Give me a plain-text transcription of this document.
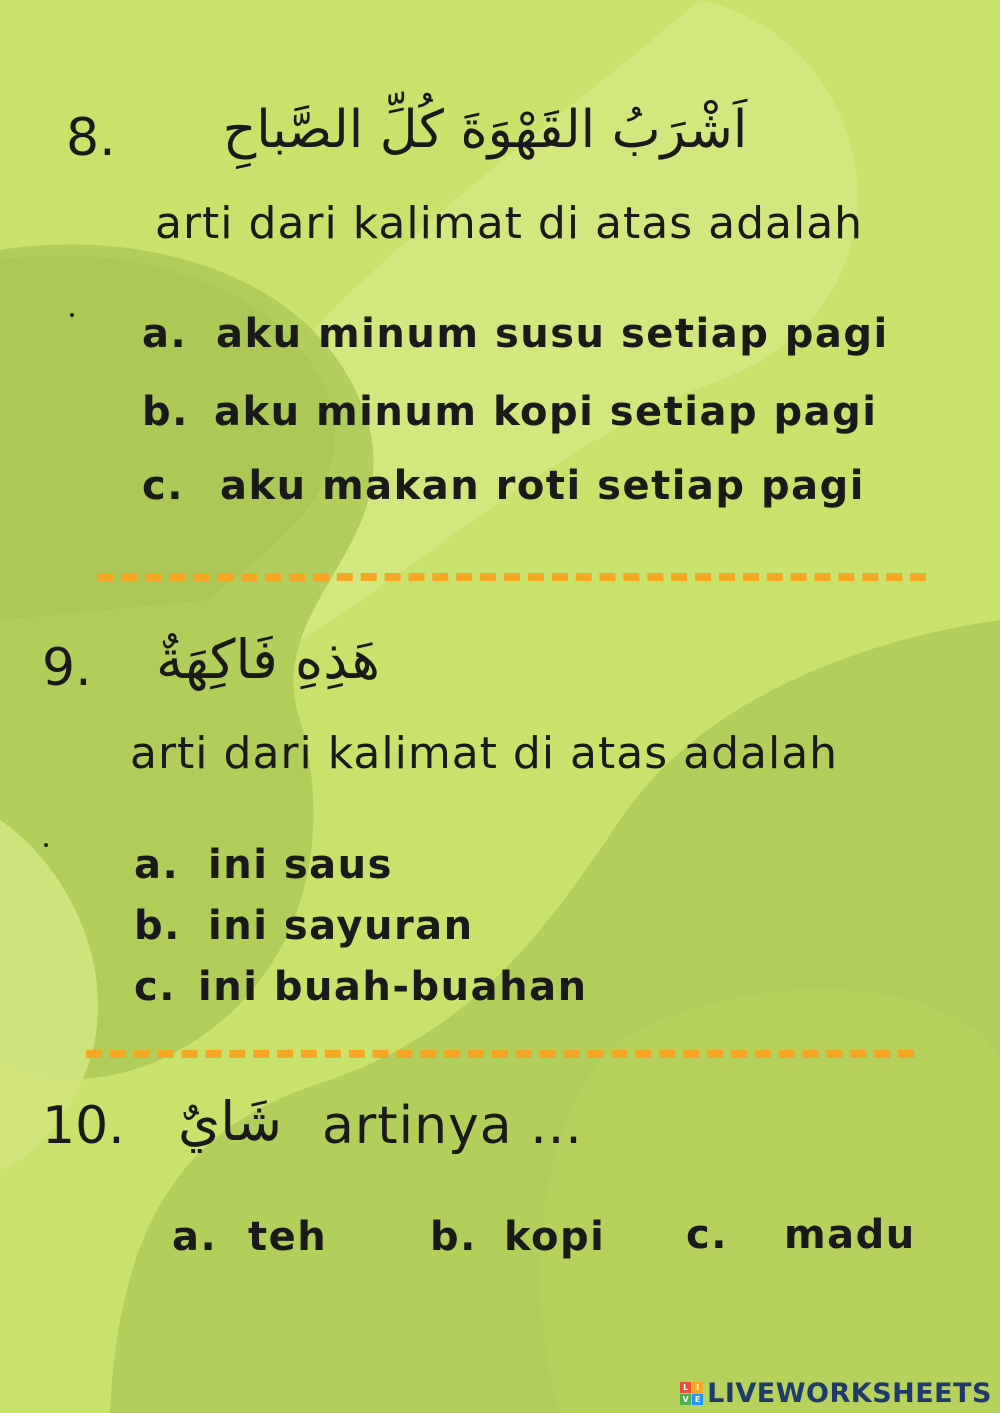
8.	اَشْرَبُ القَهْوَةَ كُلِّ الصَّباحِ
arti dari kalimat di atas adalah
a. aku minum susu setiap pagi
b. aku minum kopi setiap pagi
c. aku makan roti setiap pagi
9.	هَذِهِ فَاكِهَةٌ
arti dari kalimat di atas adalah
a. ini saus
b. ini sayuran
c. ini buah-buahan
10. شَايٌ artinya ...
a. teh	b. kopi c. madu
L I
V E LIVEWORKSHEETS
